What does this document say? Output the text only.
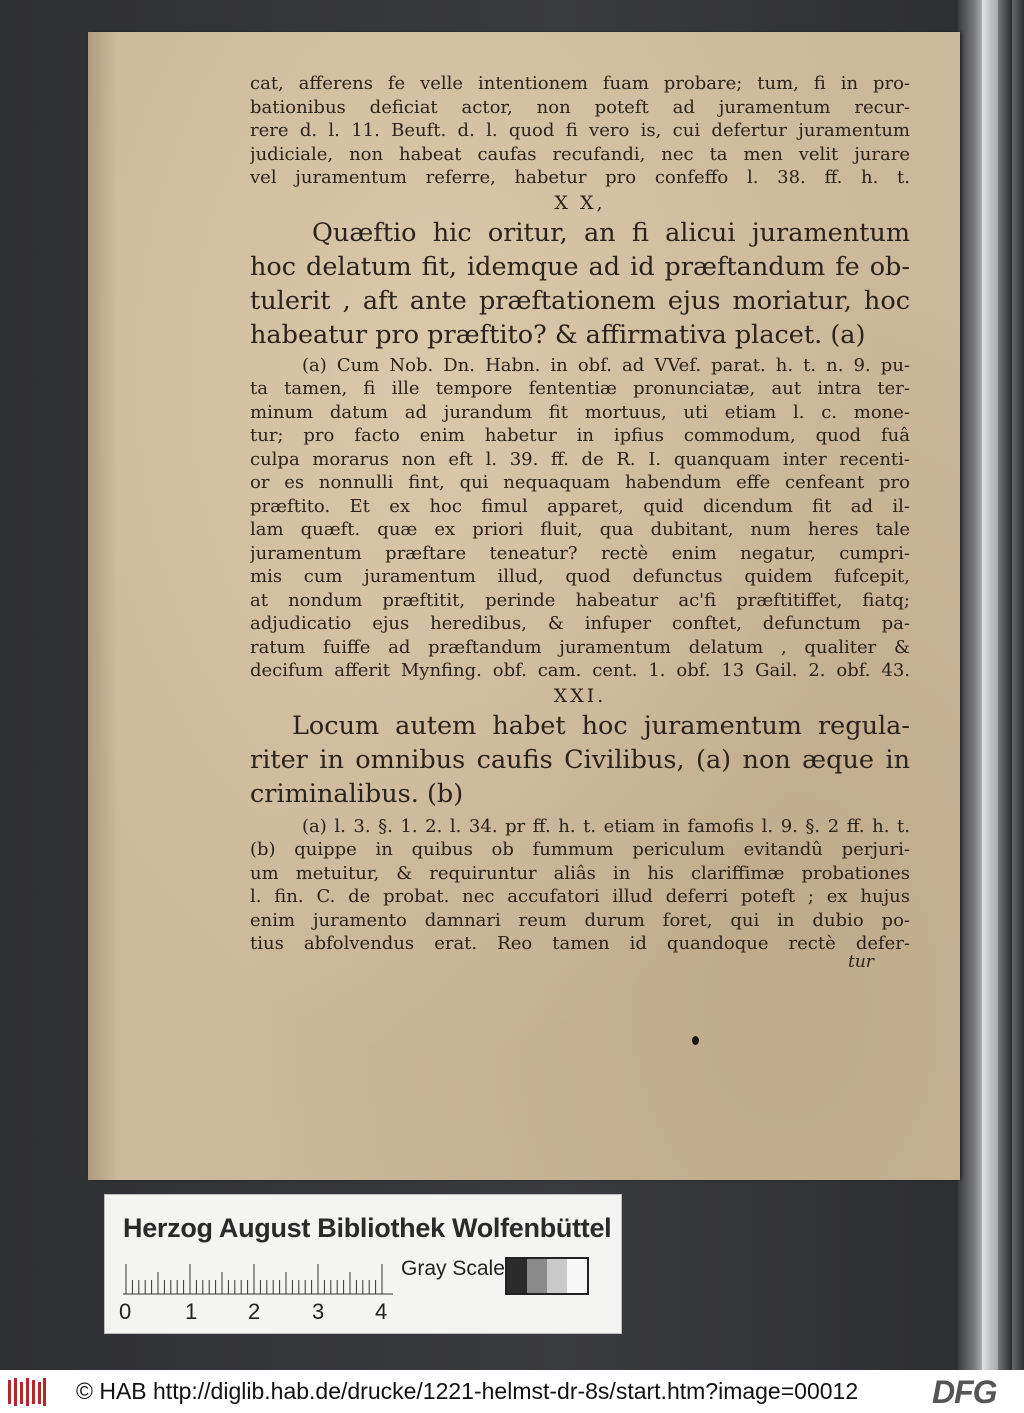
cat, afferens fe velle intentionem fuam probare; tum, fi in pro-
bationibus deficiat actor, non poteft ad juramentum recur-
rere d. l. 11. Beuft. d. l. quod fi vero is, cui defertur juramentum
judiciale, non habeat caufas recufandi, nec ta men velit jurare
vel juramentum referre, habetur pro confeffo l. 38. ff. h. t.
X X,
Quæftio hic oritur, an fi alicui juramentum
hoc delatum fit, idemque ad id præftandum fe ob-
tulerit , aft ante præftationem ejus moriatur, hoc
habeatur pro præftito? & affirmativa placet. (a)
(a) Cum Nob. Dn. Habn. in obf. ad VVef. parat. h. t. n. 9. pu-
ta tamen, fi ille tempore fententiæ pronunciatæ, aut intra ter-
minum datum ad jurandum fit mortuus, uti etiam l. c. mone-
tur; pro facto enim habetur in ipfius commodum, quod fuâ
culpa morarus non eft l. 39. ff. de R. I. quanquam inter recenti-
or es nonnulli fint, qui nequaquam habendum effe cenfeant pro
præftito. Et ex hoc fimul apparet, quid dicendum fit ad il-
lam quæft. quæ ex priori fluit, qua dubitant, num heres tale
juramentum præftare teneatur? rectè enim negatur, cumpri-
mis cum juramentum illud, quod defunctus quidem fufcepit,
at nondum præftitit, perinde habeatur ac'fi præftitiffet, fiatq;
adjudicatio ejus heredibus, & infuper conftet, defunctum pa-
ratum fuiffe ad præftandum juramentum delatum , qualiter &
decifum afferit Mynfing. obf. cam. cent. 1. obf. 13 Gail. 2. obf. 43.
XXI.
Locum autem habet hoc juramentum regula-
riter in omnibus caufis Civilibus, (a) non æque in
criminalibus. (b)
(a) l. 3. §. 1. 2. l. 34. pr ff. h. t. etiam in famofis l. 9. §. 2 ff. h. t.
(b) quippe in quibus ob fummum periculum evitandû perjuri-
um metuitur, & requiruntur aliâs in his clariffimæ probationes
l. fin. C. de probat. nec accufatori illud deferri poteft ; ex hujus
enim juramento damnari reum durum foret, qui in dubio po-
tius abfolvendus erat. Reo tamen id quandoque rectè defer-
tur
Herzog August Bibliothek Wolfenbüttel
0 1 2 3 4
Gray Scale
© HAB http://diglib.hab.de/drucke/1221-helmst-dr-8s/start.htm?image=00012 DFG
